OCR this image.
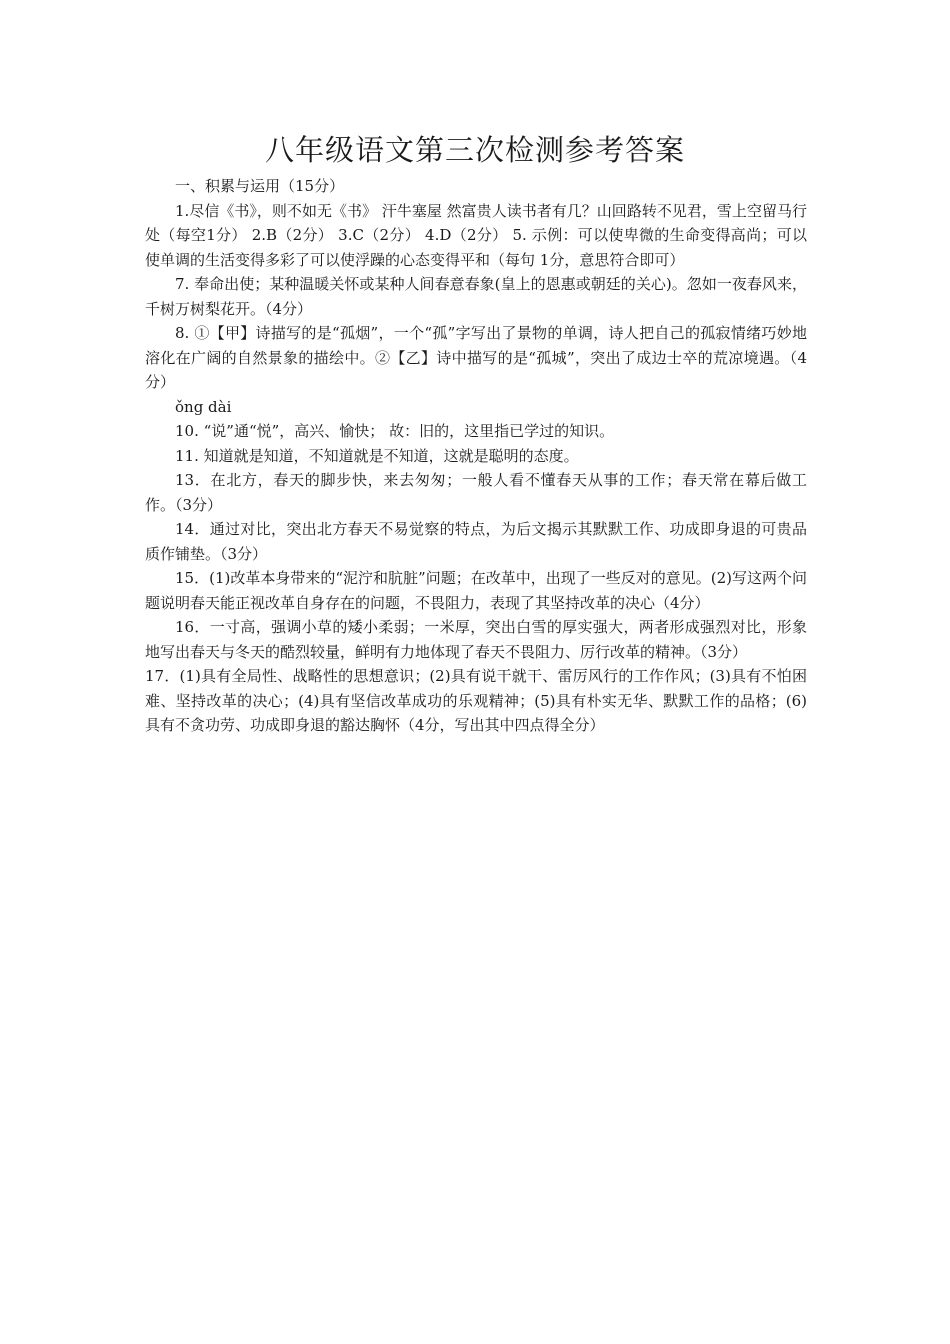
八年级语文第三次检测参考答案

一、积累与运用（15分）

1.尽信《书》，则不如无《书》 汗牛塞屋 然富贵人读书者有几？山回路转不见君，雪上空留马行处（每空1分） 2.B（2分） 3.C（2分） 4.D（2分） 5. 示例：可以使卑微的生命变得高尚；可以使单调的生活变得多彩了可以使浮躁的心态变得平和（每句 1分，意思符合即可）

7. 奉命出使；某种温暖关怀或某种人间春意春象(皇上的恩惠或朝廷的关心)。忽如一夜春风来，千树万树梨花开。（4分）

8. ①【甲】诗描写的是“孤烟”，一个“孤”字写出了景物的单调，诗人把自己的孤寂情绪巧妙地溶化在广阔的自然景象的描绘中。②【乙】诗中描写的是“孤城”，突出了成边士卒的荒凉境遇。（4分）

ǒng dài

10. “说”通“悦”，高兴、愉快； 故：旧的，这里指已学过的知识。

11. 知道就是知道，不知道就是不知道，这就是聪明的态度。

13．在北方，春天的脚步快，来去匆匆；一般人看不懂春天从事的工作；春天常在幕后做工作。（3分）

14．通过对比，突出北方春天不易觉察的特点，为后文揭示其默默工作、功成即身退的可贵品质作铺垫。（3分）

15．(1)改革本身带来的“泥泞和肮脏”问题；在改革中，出现了一些反对的意见。(2)写这两个问题说明春天能正视改革自身存在的问题，不畏阻力，表现了其坚持改革的决心（4分）

16．一寸高，强调小草的矮小柔弱；一米厚，突出白雪的厚实强大，两者形成强烈对比，形象地写出春天与冬天的酷烈较量，鲜明有力地体现了春天不畏阻力、厉行改革的精神。（3分）

17．(1)具有全局性、战略性的思想意识；(2)具有说干就干、雷厉风行的工作作风；(3)具有不怕困难、坚持改革的决心；(4)具有坚信改革成功的乐观精神；(5)具有朴实无华、默默工作的品格；(6)具有不贪功劳、功成即身退的豁达胸怀（4分，写出其中四点得全分）
